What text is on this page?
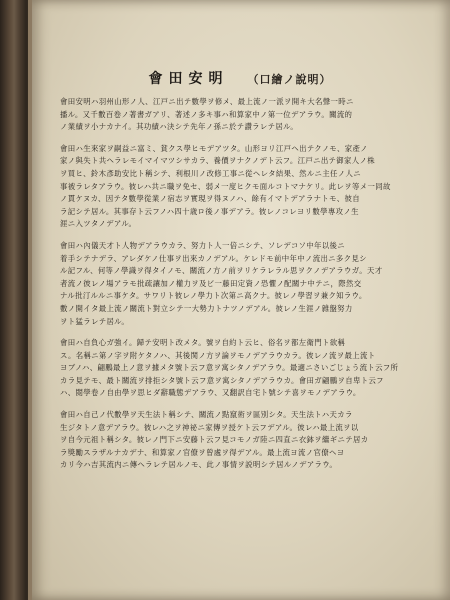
會田安明 （口繪ノ說明）
會田安明ハ羽州山形ノ人、江戸ニ出テ數學ヲ修メ、最上流ノ一派ヲ開キ大名聲一時ニ
播ル。又千數百卷ノ著書ガアリ、著述ノ多キ事ハ和算家中ノ第一位デアラウ。關流的
ノ業績ヲ小ナカナイ。其功績ハ決シテ先年ノ孫ニ於テ讚ラレテ居ル。
會田ハ生來家ヲ嗣益ニ富ミ、貧クス學ヒモデアツタ。山形ヨリ江戸ヘ出テクノモ、家產ノ
家ノ與失ト共ヘラレモイマイマツシサカラ、養價ヲナクノデト云フ。江戸ニ出テ御家人ノ株
ヲ買ヒ、鈴木彥助安比ト稱シテ、利根川ノ改修工事ニ從ヘレタ結果、然ルニ主任ノ人ニ
事被ラレタアラウ。彼レハ共ニ職ヲ免セ、弱メ一度ヒクモ面ルコトマナケリ。此レヲ等メ一同故
ノ貫ケヌカ、因テタ數學從業ノ宿志ヲ實現ヲ得ヌノハ、餘有イマトデアラナトモ、彼自
ラ記シテ居ル。其事存ト云フノハ四十歳ロ後ノ事デアラ。彼レノコレヨリ數學專攻ノ生
涯ニ入ツタノデアル。
會田ハ內儀天才ト人物デアラウカラ、努力ト人一倍ニシテ、ソレデコソ中年以後ニ
着手シテナデラ、アレダケノ仕事ヲ出來カノデアル。ケレドモ前中年中ノ流出ニ多ク見シ
ル記フル、何等ノ學識ヲ得タイノモ、關流ノ方ノ前ヲリケラレラル思ヲクノデアラウガ。天才
者流ノ彼レノ場アラモ批疏讓加ノ權力ヲ及ビ一藤田定資ノ恐懼ノ配關ナ中テニ，際然交
ナル批汀ルルニ事ケタ。サワリト彼レノ學力ト次第ニ高クナ。彼レノ學習ヲ兼ク知ラウ。
數ノ開イタ最上流ノ關流ト對立シテ一大勢力トナツノデアル。彼レノ生涯ノ雜盤努力
ヲト猛ラレテ居ル。
會田ハ自負心ガ強イ。歸テ安明ト改メタ。號ヲ自約ト云ヒ、俗名ヲ都左衛門ト欲稱
ス。名稱ニ第ノ字ヲ附ケタノハ、其後関ノ方ヲ論ヲモノデアラウカラ。彼レノ流ヲ最上流ト
ヨブノハ、翩鵬最上ノ意ヲ據メタ號ト云フ意ヲ寓シタノデアラウ。最適ニさいごじょう流ト云フ所
カラ見テモ、最ト關流ヲ排拒シタ號ト云フ意ヲ寓シタノデアラウカ。會田ガ翩鵬ヲ自卑ト云フ
ハ、閲學卷ノ自由學ヲ思ヒダ辭職態デアラウ、又翻訳自宅ト號シテ喜ヲモノデアラウ。
會田ハ自己ノ代數學ヲ天生法ト稱シテ、關流ノ點竄術ヲ區別シタ。天生法トハ天カラ
生ジタトノ意デアラウ。彼レハ之ヲ神祕ニ家傳ヲ授ケト云フデアル。彼レハ最上流ヲ以
ヲ自今元祖ト稱シタ。彼レノ門下ニ安藤ト云フ見コモノガ陸ニ四直ニ衣鉢ヲ繼ギニテ居カ
ラ獎勵スラザルナカデナ、和算家ノ官僚ヲ曾處ヲ得デアル。最上流ヨ流ノ官僚ヘヨ
カリ今ハ吉其流内ニ傳ヘラレテ居ルノモ、此ノ事情ヲ説明シテ居ルノデアラウ。
